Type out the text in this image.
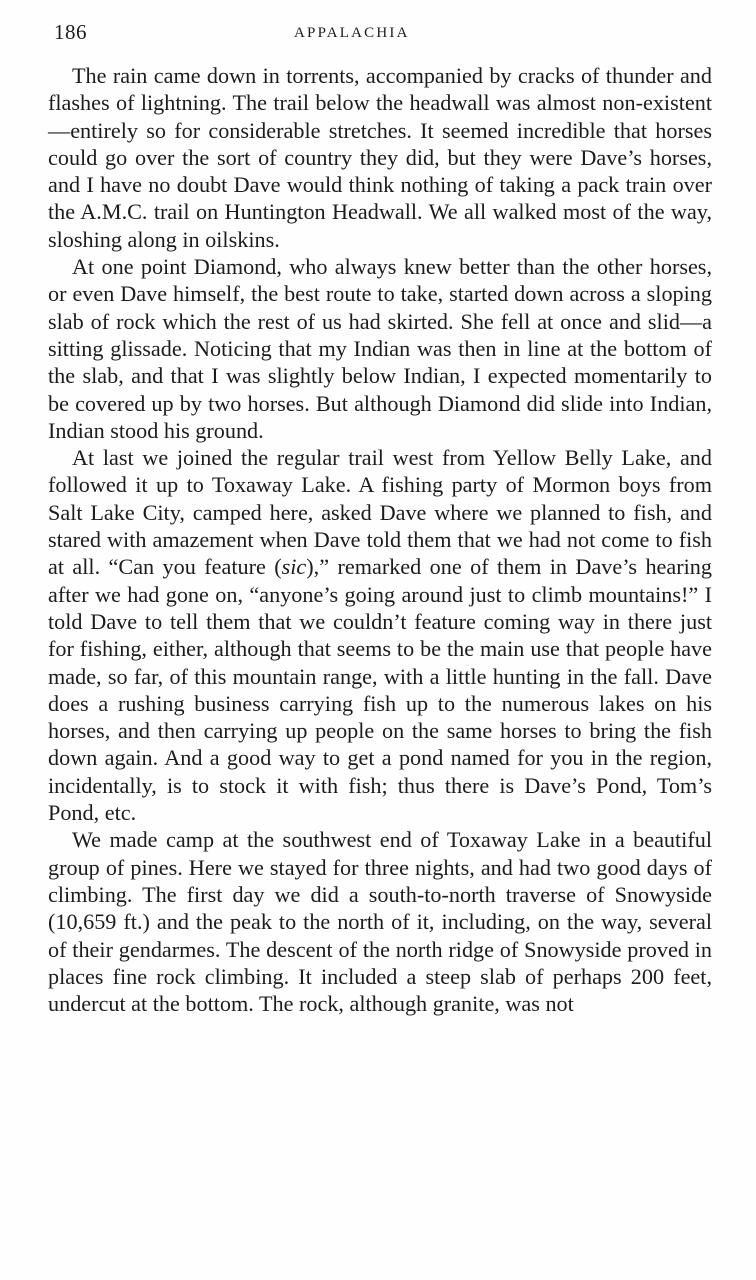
186	APPALACHIA

The rain came down in torrents, accompanied by cracks of thunder and flashes of lightning. The trail below the headwall was almost non-existent—entirely so for considerable stretches. It seemed incredible that horses could go over the sort of country they did, but they were Dave’s horses, and I have no doubt Dave would think nothing of taking a pack train over the A.M.C. trail on Huntington Headwall. We all walked most of the way, sloshing along in oilskins.

At one point Diamond, who always knew better than the other horses, or even Dave himself, the best route to take, started down across a sloping slab of rock which the rest of us had skirted. She fell at once and slid—a sitting glissade. Noticing that my Indian was then in line at the bottom of the slab, and that I was slightly below Indian, I expected momentarily to be covered up by two horses. But although Diamond did slide into Indian, Indian stood his ground.

At last we joined the regular trail west from Yellow Belly Lake, and followed it up to Toxaway Lake. A fishing party of Mormon boys from Salt Lake City, camped here, asked Dave where we planned to fish, and stared with amazement when Dave told them that we had not come to fish at all. “Can you feature (sic),” remarked one of them in Dave’s hearing after we had gone on, “anyone’s going around just to climb mountains!” I told Dave to tell them that we couldn’t feature coming way in there just for fishing, either, although that seems to be the main use that people have made, so far, of this mountain range, with a little hunting in the fall. Dave does a rushing business carrying fish up to the numerous lakes on his horses, and then carrying up people on the same horses to bring the fish down again. And a good way to get a pond named for you in the region, incidentally, is to stock it with fish; thus there is Dave’s Pond, Tom’s Pond, etc.

We made camp at the southwest end of Toxaway Lake in a beautiful group of pines. Here we stayed for three nights, and had two good days of climbing. The first day we did a south-to-north traverse of Snowyside (10,659 ft.) and the peak to the north of it, including, on the way, several of their gendarmes. The descent of the north ridge of Snowyside proved in places fine rock climbing. It included a steep slab of perhaps 200 feet, undercut at the bottom. The rock, although granite, was not
